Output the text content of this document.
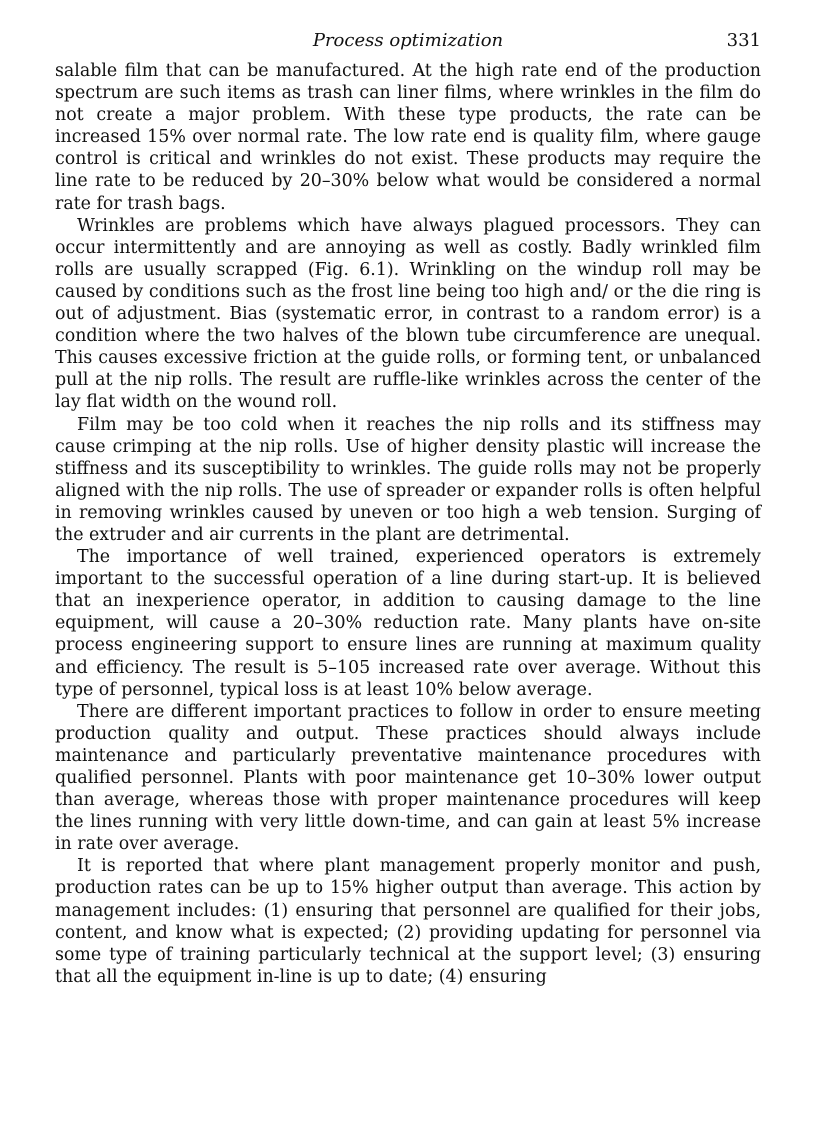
Process optimization	331

salable film that can be manufactured. At the high rate end of the production spectrum are such items as trash can liner films, where wrinkles in the film do not create a major problem. With these type products, the rate can be increased 15% over normal rate. The low rate end is quality film, where gauge control is critical and wrinkles do not exist. These products may require the line rate to be reduced by 20–30% below what would be considered a normal rate for trash bags.

Wrinkles are problems which have always plagued processors. They can occur intermittently and are annoying as well as costly. Badly wrinkled film rolls are usually scrapped (Fig. 6.1). Wrinkling on the windup roll may be caused by conditions such as the frost line being too high and/ or the die ring is out of adjustment. Bias (systematic error, in contrast to a random error) is a condition where the two halves of the blown tube circumference are unequal. This causes excessive friction at the guide rolls, or forming tent, or unbalanced pull at the nip rolls. The result are ruffle-like wrinkles across the center of the lay flat width on the wound roll.

Film may be too cold when it reaches the nip rolls and its stiffness may cause crimping at the nip rolls. Use of higher density plastic will increase the stiffness and its susceptibility to wrinkles. The guide rolls may not be properly aligned with the nip rolls. The use of spreader or expander rolls is often helpful in removing wrinkles caused by uneven or too high a web tension. Surging of the extruder and air currents in the plant are detrimental.

The importance of well trained, experienced operators is extremely important to the successful operation of a line during start-up. It is believed that an inexperience operator, in addition to causing damage to the line equipment, will cause a 20–30% reduction rate. Many plants have on-site process engineering support to ensure lines are running at maximum quality and efficiency. The result is 5–105 increased rate over average. Without this type of personnel, typical loss is at least 10% below average.

There are different important practices to follow in order to ensure meeting production quality and output. These practices should always include maintenance and particularly preventative maintenance procedures with qualified personnel. Plants with poor maintenance get 10–30% lower output than average, whereas those with proper maintenance procedures will keep the lines running with very little down-time, and can gain at least 5% increase in rate over average.

It is reported that where plant management properly monitor and push, production rates can be up to 15% higher output than average. This action by management includes: (1) ensuring that personnel are qualified for their jobs, content, and know what is expected; (2) providing updating for personnel via some type of training particularly technical at the support level; (3) ensuring that all the equipment in-line is up to date; (4) ensuring
